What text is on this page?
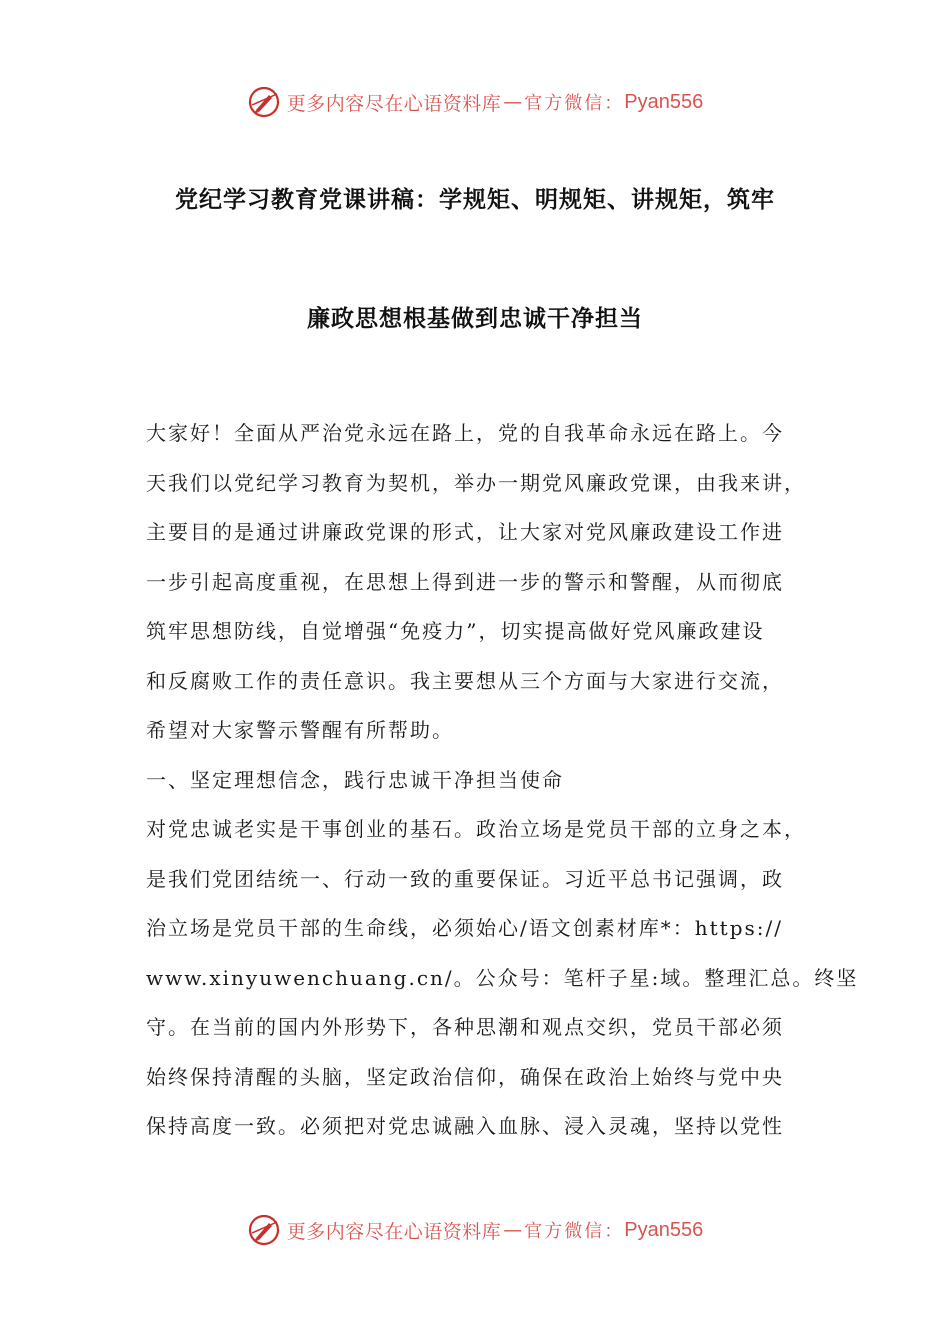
更多内容尽在心语资料库 — 官方微信： Pyan556
党纪学习教育党课讲稿：学规矩、明规矩、讲规矩，筑牢
廉政思想根基做到忠诚干净担当
大家好！全面从严治党永远在路上，党的自我革命永远在路上。今
天我们以党纪学习教育为契机，举办一期党风廉政党课，由我来讲，
主要目的是通过讲廉政党课的形式，让大家对党风廉政建设工作进
一步引起高度重视，在思想上得到进一步的警示和警醒，从而彻底
筑牢思想防线，自觉增强“免疫力”，切实提高做好党风廉政建设
和反腐败工作的责任意识。我主要想从三个方面与大家进行交流，
希望对大家警示警醒有所帮助。
一、坚定理想信念，践行忠诚干净担当使命
对党忠诚老实是干事创业的基石。政治立场是党员干部的立身之本，
是我们党团结统一、行动一致的重要保证。习近平总书记强调，政
治立场是党员干部的生命线，必须始心/语文创素材库*：https://
www.xinyuwenchuang.cn/。公众号：笔杆子星:域。整理汇总。终坚
守。在当前的国内外形势下，各种思潮和观点交织，党员干部必须
始终保持清醒的头脑，坚定政治信仰，确保在政治上始终与党中央
保持高度一致。必须把对党忠诚融入血脉、浸入灵魂，坚持以党性
更多内容尽在心语资料库 — 官方微信： Pyan556
